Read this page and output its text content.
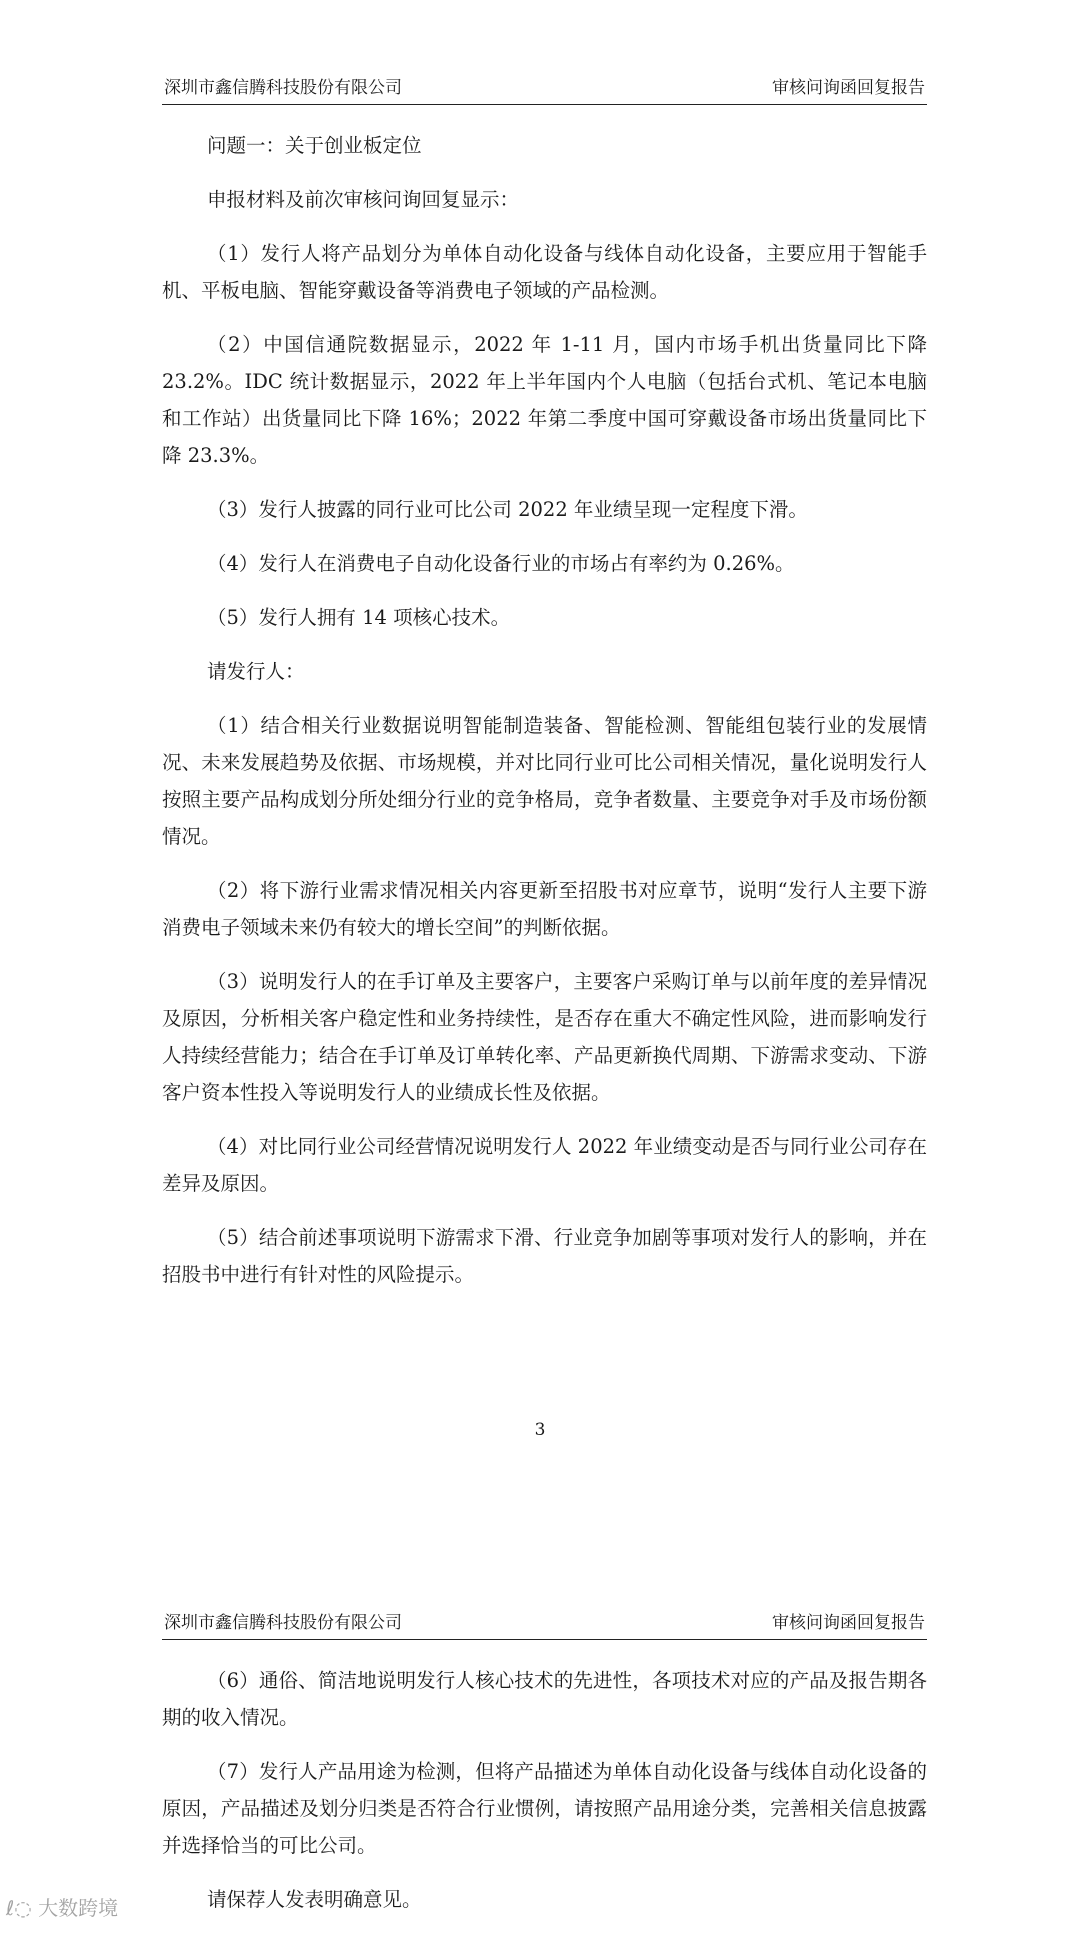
深圳市鑫信腾科技股份有限公司	审核问询函回复报告

问题一：关于创业板定位

申报材料及前次审核问询回复显示：

（1）发行人将产品划分为单体自动化设备与线体自动化设备，主要应用于智能手机、平板电脑、智能穿戴设备等消费电子领域的产品检测。

（2）中国信通院数据显示，2022 年 1-11 月，国内市场手机出货量同比下降 23.2%。IDC 统计数据显示，2022 年上半年国内个人电脑（包括台式机、笔记本电脑和工作站）出货量同比下降 16%；2022 年第二季度中国可穿戴设备市场出货量同比下降 23.3%。

（3）发行人披露的同行业可比公司 2022 年业绩呈现一定程度下滑。

（4）发行人在消费电子自动化设备行业的市场占有率约为 0.26%。

（5）发行人拥有 14 项核心技术。

请发行人：

（1）结合相关行业数据说明智能制造装备、智能检测、智能组包装行业的发展情况、未来发展趋势及依据、市场规模，并对比同行业可比公司相关情况，量化说明发行人按照主要产品构成划分所处细分行业的竞争格局，竞争者数量、主要竞争对手及市场份额情况。

（2）将下游行业需求情况相关内容更新至招股书对应章节，说明“发行人主要下游消费电子领域未来仍有较大的增长空间”的判断依据。

（3）说明发行人的在手订单及主要客户，主要客户采购订单与以前年度的差异情况及原因，分析相关客户稳定性和业务持续性，是否存在重大不确定性风险，进而影响发行人持续经营能力；结合在手订单及订单转化率、产品更新换代周期、下游需求变动、下游客户资本性投入等说明发行人的业绩成长性及依据。

（4）对比同行业公司经营情况说明发行人 2022 年业绩变动是否与同行业公司存在差异及原因。

（5）结合前述事项说明下游需求下滑、行业竞争加剧等事项对发行人的影响，并在招股书中进行有针对性的风险提示。

3
深圳市鑫信腾科技股份有限公司	审核问询函回复报告

（6）通俗、简洁地说明发行人核心技术的先进性，各项技术对应的产品及报告期各期的收入情况。

（7）发行人产品用途为检测，但将产品描述为单体自动化设备与线体自动化设备的原因，产品描述及划分归类是否符合行业惯例，请按照产品用途分类，完善相关信息披露并选择恰当的可比公司。

请保荐人发表明确意见。

ℓ◌ 大数跨境
